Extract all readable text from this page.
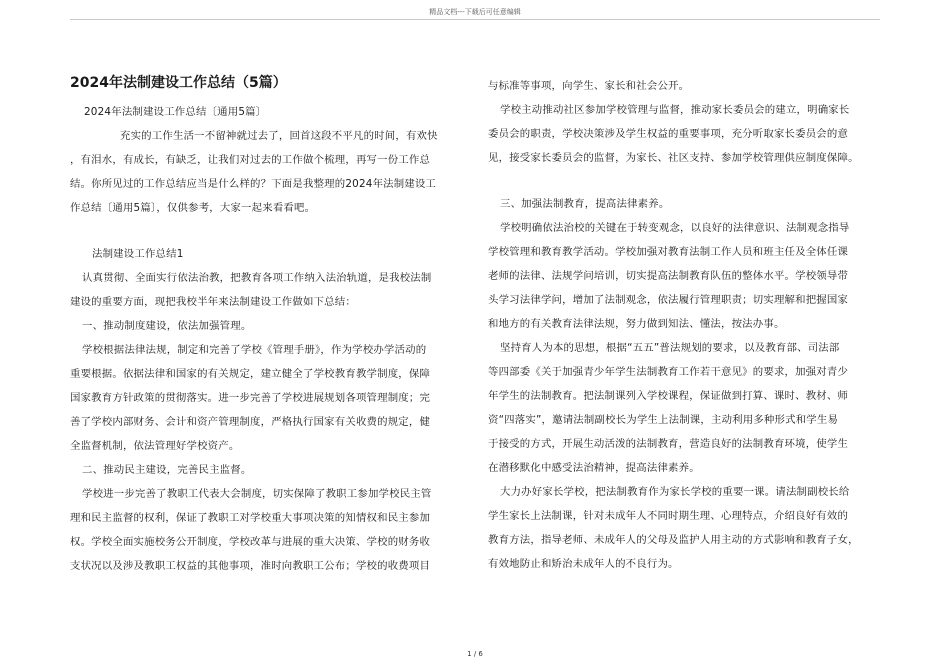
精品文档---下载后可任意编辑
2024年法制建设工作总结（5篇）
2024年法制建设工作总结〔通用5篇〕
充实的工作生活一不留神就过去了，回首这段不平凡的时间，有欢快
，有泪水，有成长，有缺乏，让我们对过去的工作做个梳理，再写一份工作总
结。你所见过的工作总结应当是什么样的？下面是我整理的2024年法制建设工
作总结〔通用5篇〕，仅供参考，大家一起来看看吧。
法制建设工作总结1
认真贯彻、全面实行依法治教，把教育各项工作纳入法治轨道，是我校法制
建设的重要方面，现把我校半年来法制建设工作做如下总结：
一、推动制度建设，依法加强管理。
学校根据法律法规，制定和完善了学校《管理手册》，作为学校办学活动的
重要根据。依据法律和国家的有关规定，建立健全了学校教育教学制度，保障
国家教育方针政策的贯彻落实。进一步完善了学校进展规划各项管理制度；完
善了学校内部财务、会计和资产管理制度，严格执行国家有关收费的规定，健
全监督机制，依法管理好学校资产。
二、推动民主建设，完善民主监督。
学校进一步完善了教职工代表大会制度，切实保障了教职工参加学校民主管
理和民主监督的权利，保证了教职工对学校重大事项决策的知情权和民主参加
权。学校全面实施校务公开制度，学校改革与进展的重大决策、学校的财务收
支状况以及涉及教职工权益的其他事项，准时向教职工公布；学校的收费项目
与标准等事项，向学生、家长和社会公开。
学校主动推动社区参加学校管理与监督，推动家长委员会的建立，明确家长
委员会的职责，学校决策涉及学生权益的重要事项，充分听取家长委员会的意
见，接受家长委员会的监督，为家长、社区支持、参加学校管理供应制度保障。
三、加强法制教育，提高法律素养。
学校明确依法治校的关键在于转变观念，以良好的法律意识、法制观念指导
学校管理和教育教学活动。学校加强对教育法制工作人员和班主任及全体任课
老师的法律、法规学问培训，切实提高法制教育队伍的整体水平。学校领导带
头学习法律学问，增加了法制观念，依法履行管理职责；切实理解和把握国家
和地方的有关教育法律法规，努力做到知法、懂法，按法办事。
坚持育人为本的思想，根据“五五”普法规划的要求，以及教育部、司法部
等四部委《关于加强青少年学生法制教育工作若干意见》的要求，加强对青少
年学生的法制教育。把法制课列入学校课程，保证做到打算、课时、教材、师
资“四落实”，邀请法制副校长为学生上法制课，主动利用多种形式和学生易
于接受的方式，开展生动活泼的法制教育，营造良好的法制教育环境，使学生
在潜移默化中感受法治精神，提高法律素养。
大力办好家长学校，把法制教育作为家长学校的重要一课。请法制副校长给
学生家长上法制课，针对未成年人不同时期生理、心理特点，介绍良好有效的
教育方法，指导老师、未成年人的父母及监护人用主动的方式影响和教育子女，
有效地防止和矫治未成年人的不良行为。
1 / 6
